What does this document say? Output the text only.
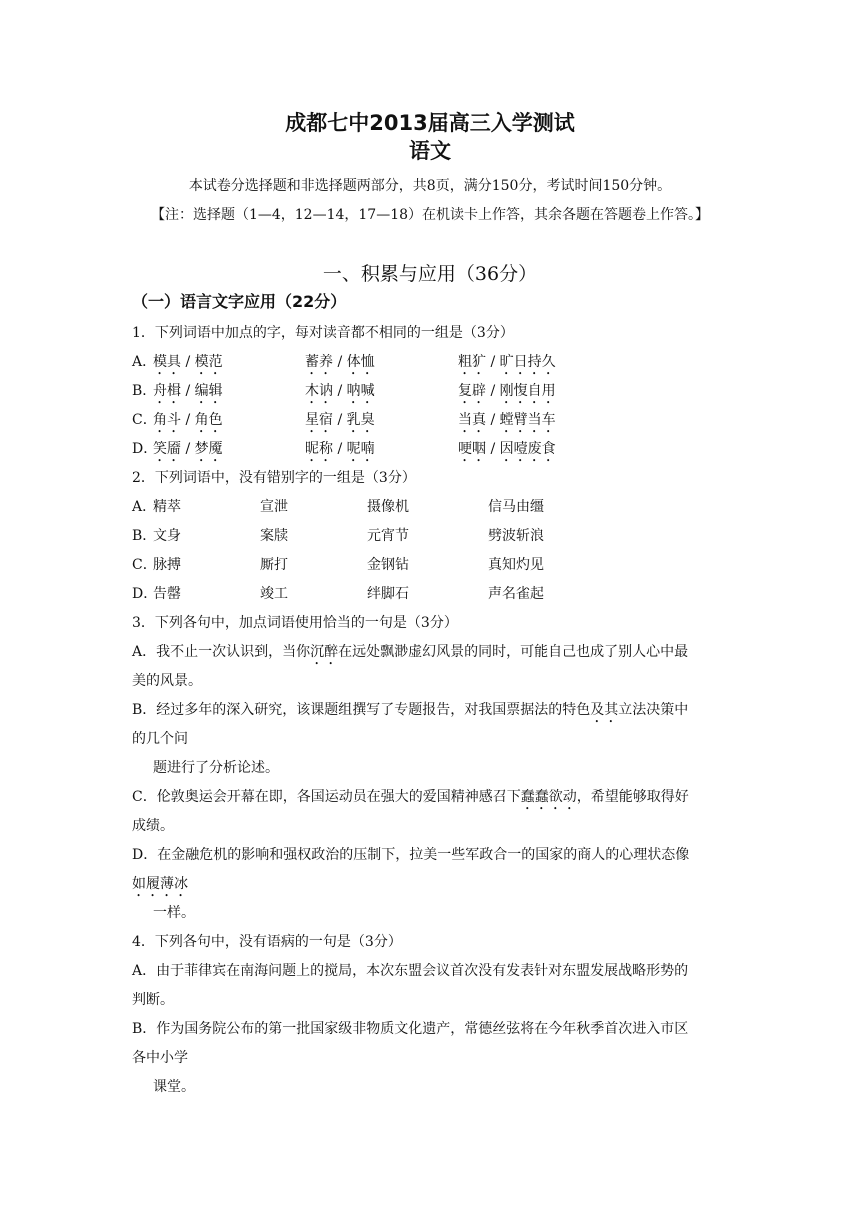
成都七中2013届高三入学测试
语文
本试卷分选择题和非选择题两部分，共8页，满分150分，考试时间150分钟。
【注：选择题（1—4，12—14，17—18）在机读卡上作答，其余各题在答题卷上作答。】
一、积累与应用（36分）
（一）语言文字应用（22分）
1．下列词语中加点的字，每对读音都不相同的一组是（3分）
A．
模具 / 模范	蓄养 / 体恤	粗犷 / 旷日持久
B．
舟楫 / 编辑	木讷 / 呐喊	复辟 / 刚愎自用
C．
角斗 / 角色	星宿 / 乳臭	当真 / 螳臂当车
D．
笑靥 / 梦魇	昵称 / 呢喃	哽咽 / 因噎废食
2．下列词语中，没有错别字的一组是（3分）
A．
精萃	宣泄	摄像机	信马由缰
B．
文身	案牍	元宵节	劈波斩浪
C．
脉搏	厮打	金钢钻	真知灼见
D．
告罄	竣工	绊脚石	声名雀起
3．下列各句中，加点词语使用恰当的一句是（3分）
A．我不止一次认识到，当你沉醉在远处飘渺虚幻风景的同时，可能自己也成了别人心中最
美的风景。
B．经过多年的深入研究，该课题组撰写了专题报告，对我国票据法的特色及其立法决策中
的几个问
题进行了分析论述。
C．伦敦奥运会开幕在即，各国运动员在强大的爱国精神感召下蠢蠢欲动，希望能够取得好
成绩。
D．在金融危机的影响和强权政治的压制下，拉美一些军政合一的国家的商人的心理状态像
如履薄冰
一样。
4．下列各句中，没有语病的一句是（3分）
A．由于菲律宾在南海问题上的搅局，本次东盟会议首次没有发表针对东盟发展战略形势的
判断。
B．作为国务院公布的第一批国家级非物质文化遗产，常德丝弦将在今年秋季首次进入市区
各中小学
课堂。
